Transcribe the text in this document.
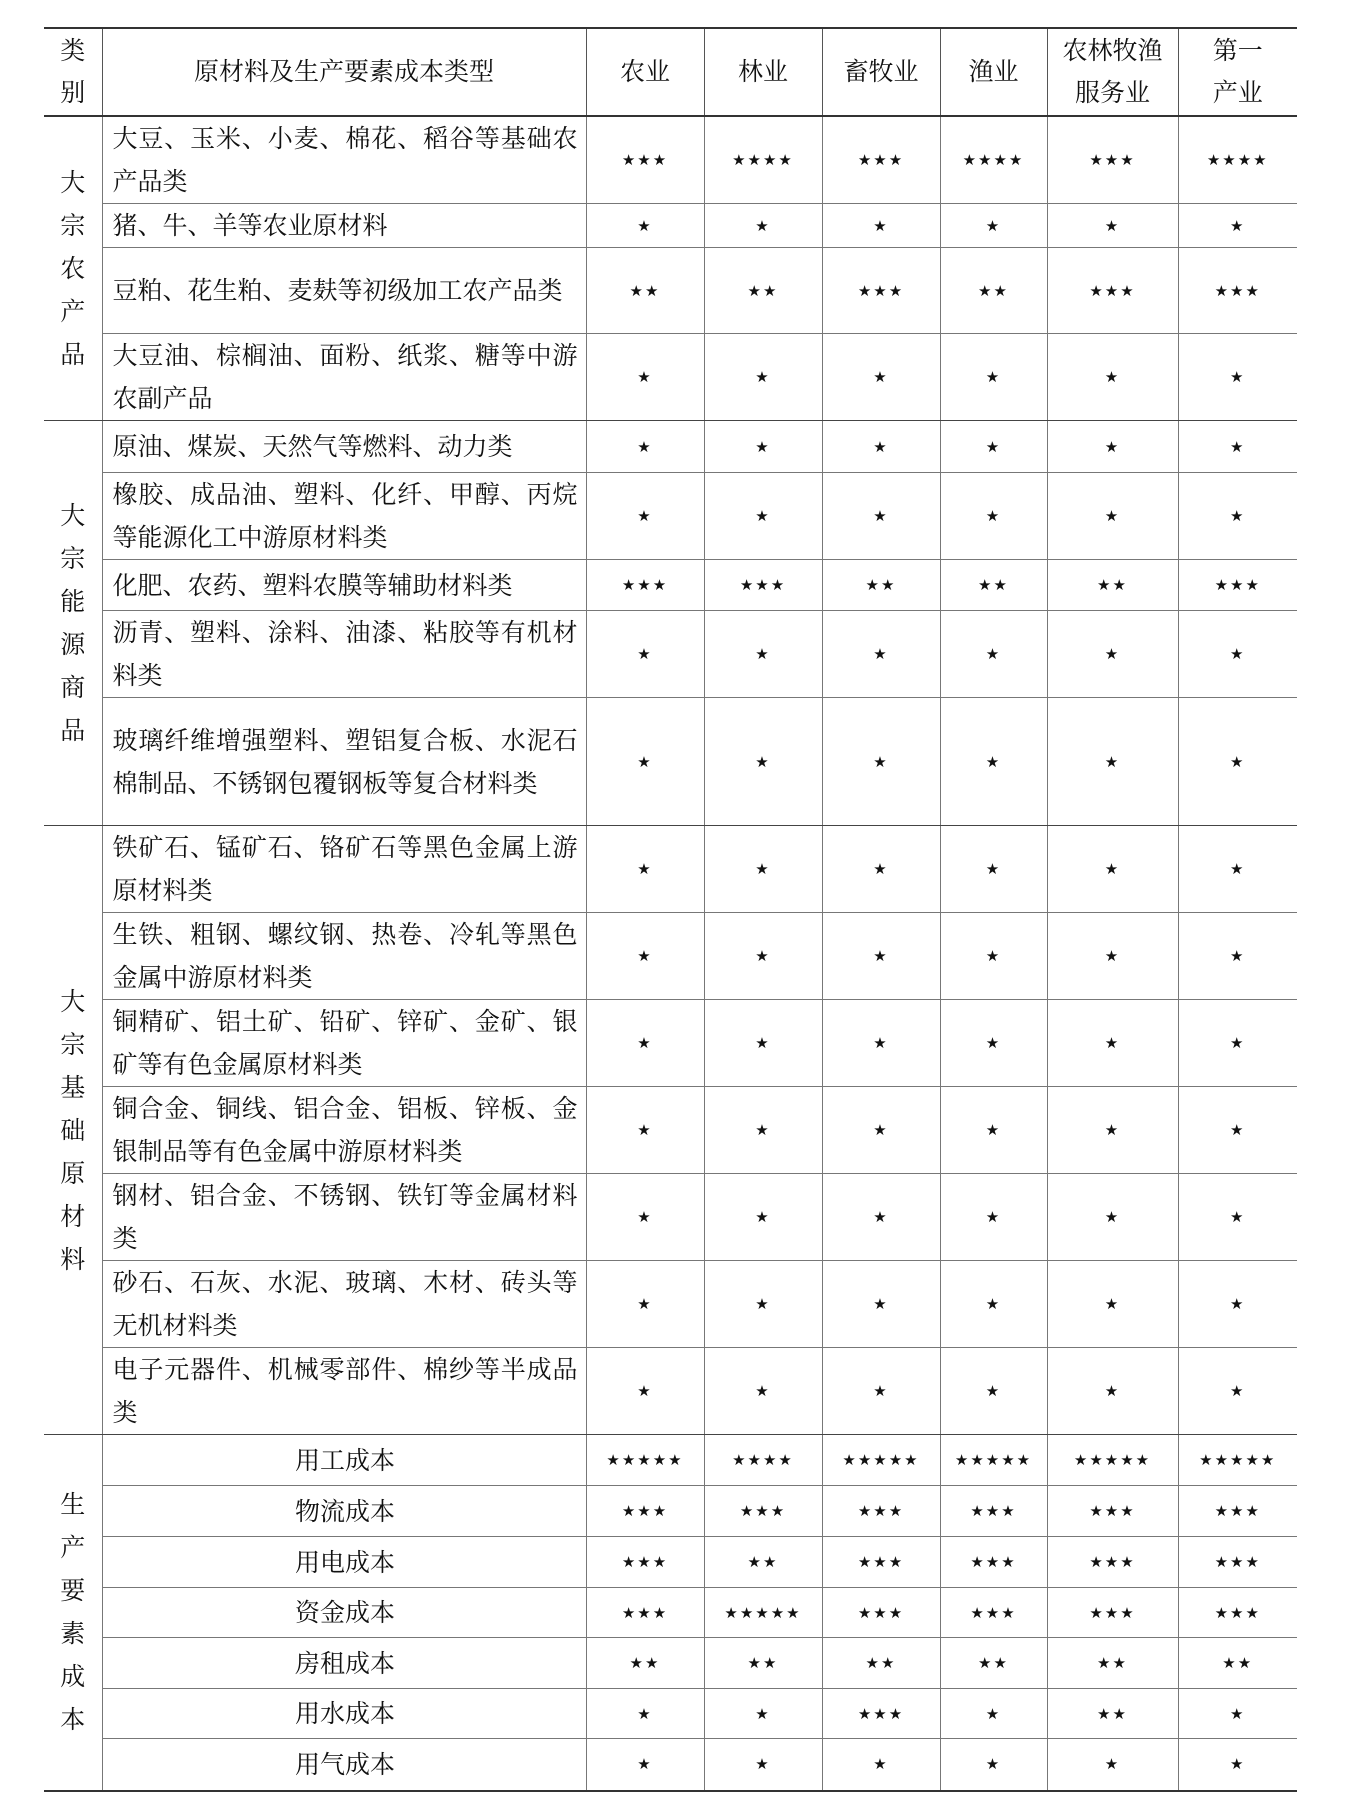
类别	原材料及生产要素成本类型	农业	林业	畜牧业	渔业	农林牧渔服务业	第一产业
大宗农产品	大豆、玉米、小麦、棉花、稻谷等基础农产品类	★★★	★★★★	★★★	★★★★	★★★	★★★★
	猪、牛、羊等农业原材料	★	★	★	★	★	★
	豆粕、花生粕、麦麸等初级加工农产品类	★★	★★	★★★	★★	★★★	★★★
	大豆油、棕榈油、面粉、纸浆、糖等中游农副产品	★	★	★	★	★	★
大宗能源商品	原油、煤炭、天然气等燃料、动力类	★	★	★	★	★	★
	橡胶、成品油、塑料、化纤、甲醇、丙烷等能源化工中游原材料类	★	★	★	★	★	★
	化肥、农药、塑料农膜等辅助材料类	★★★	★★★	★★	★★	★★	★★★
	沥青、塑料、涂料、油漆、粘胶等有机材料类	★	★	★	★	★	★
	玻璃纤维增强塑料、塑铝复合板、水泥石棉制品、不锈钢包覆钢板等复合材料类	★	★	★	★	★	★
大宗基础原材料	铁矿石、锰矿石、铬矿石等黑色金属上游原材料类	★	★	★	★	★	★
	生铁、粗钢、螺纹钢、热卷、冷轧等黑色金属中游原材料类	★	★	★	★	★	★
	铜精矿、铝土矿、铅矿、锌矿、金矿、银矿等有色金属原材料类	★	★	★	★	★	★
	铜合金、铜线、铝合金、铝板、锌板、金银制品等有色金属中游原材料类	★	★	★	★	★	★
	钢材、铝合金、不锈钢、铁钉等金属材料类	★	★	★	★	★	★
	砂石、石灰、水泥、玻璃、木材、砖头等无机材料类	★	★	★	★	★	★
	电子元器件、机械零部件、棉纱等半成品类	★	★	★	★	★	★
生产要素成本	用工成本	★★★★★	★★★★	★★★★★	★★★★★	★★★★★	★★★★★
	物流成本	★★★	★★★	★★★	★★★	★★★	★★★
	用电成本	★★★	★★	★★★	★★★	★★★	★★★
	资金成本	★★★	★★★★★	★★★	★★★	★★★	★★★
	房租成本	★★	★★	★★	★★	★★	★★
	用水成本	★	★	★★★	★	★★	★
	用气成本	★	★	★	★	★	★
